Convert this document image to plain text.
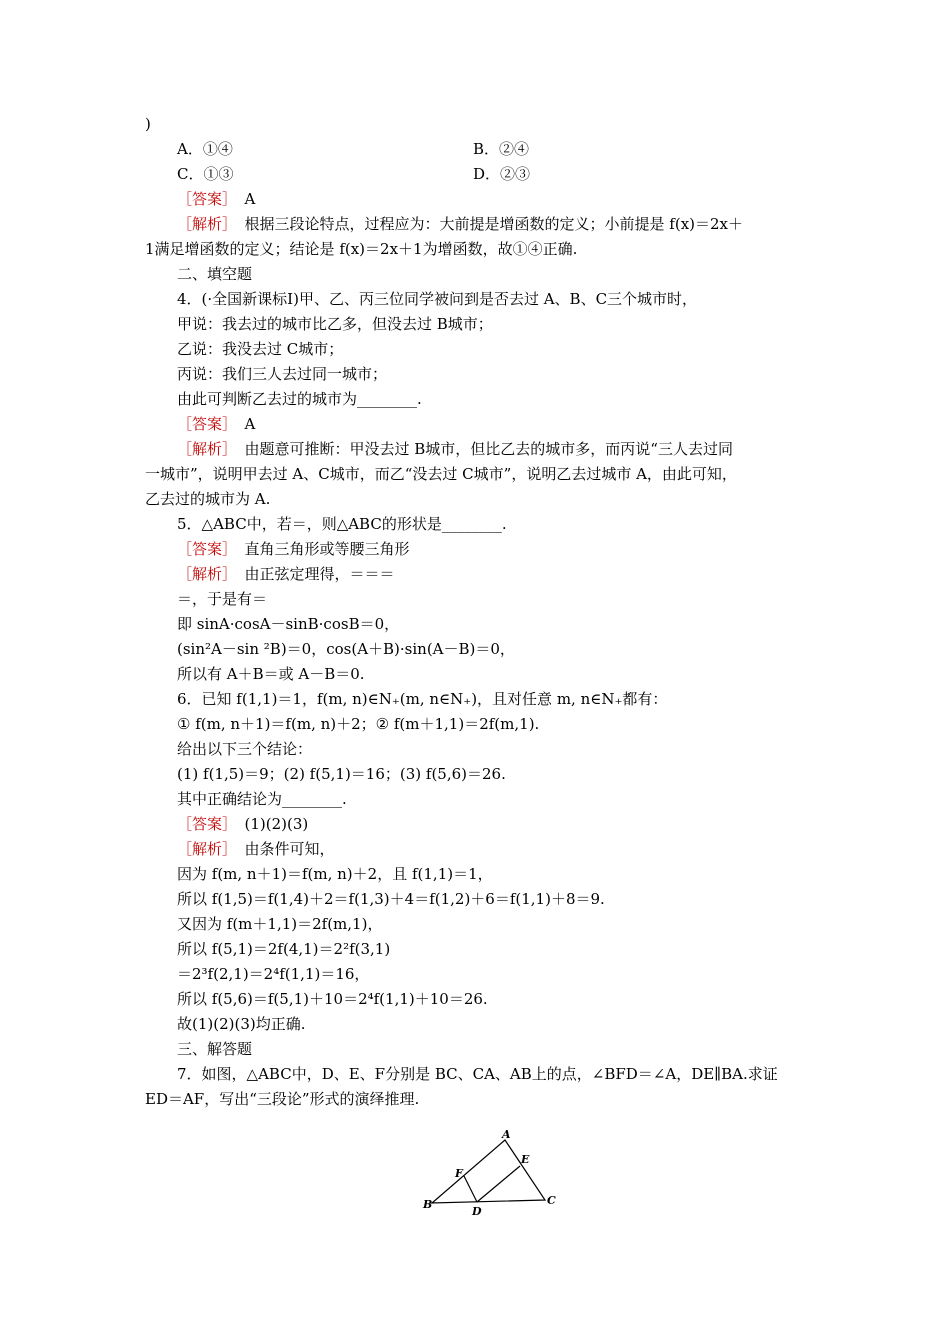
)
A．①④	B．②④
C．①③	D．②③
［答案］　A
［解析］　根据三段论特点，过程应为：大前提是增函数的定义；小前提是 f(x)＝2x＋
1满足增函数的定义；结论是 f(x)＝2x＋1为增函数，故①④正确.
二、填空题
4．(·全国新课标Ⅰ)甲、乙、丙三位同学被问到是否去过 A、B、C三个城市时，
甲说：我去过的城市比乙多，但没去过 B城市；
乙说：我没去过 C城市；
丙说：我们三人去过同一城市；
由此可判断乙去过的城市为________.
［答案］　A
［解析］　由题意可推断：甲没去过 B城市，但比乙去的城市多，而丙说“三人去过同
一城市”，说明甲去过 A、C城市，而乙“没去过 C城市”，说明乙去过城市 A，由此可知，
乙去过的城市为 A.
5．△ABC中，若＝，则△ABC的形状是________.
［答案］　直角三角形或等腰三角形
［解析］　由正弦定理得，＝＝＝
＝，于是有＝
即 sinA·cosA－sinB·cosB＝0，
(sin²A－sin ²B)＝0，cos(A＋B)·sin(A－B)＝0，
所以有 A＋B＝或 A－B＝0.
6．已知 f(1,1)＝1，f(m, n)∈N₊(m, n∈N₊)，且对任意 m, n∈N₊都有：
① f(m, n＋1)＝f(m, n)＋2；② f(m＋1,1)＝2f(m,1).
给出以下三个结论：
(1) f(1,5)＝9；(2) f(5,1)＝16；(3) f(5,6)＝26.
其中正确结论为________.
［答案］　(1)(2)(3)
［解析］　由条件可知，
因为 f(m, n＋1)＝f(m, n)＋2，且 f(1,1)＝1，
所以 f(1,5)＝f(1,4)＋2＝f(1,3)＋4＝f(1,2)＋6＝f(1,1)＋8＝9.
又因为 f(m＋1,1)＝2f(m,1)，
所以 f(5,1)＝2f(4,1)＝2²f(3,1)
＝2³f(2,1)＝2⁴f(1,1)＝16，
所以 f(5,6)＝f(5,1)＋10＝2⁴f(1,1)＋10＝26.
故(1)(2)(3)均正确.
三、解答题
7．如图，△ABC中，D、E、F分别是 BC、CA、AB上的点，∠BFD＝∠A，DE∥BA.求证
ED＝AF，写出“三段论”形式的演绎推理.
A
B	C
D
E
F
